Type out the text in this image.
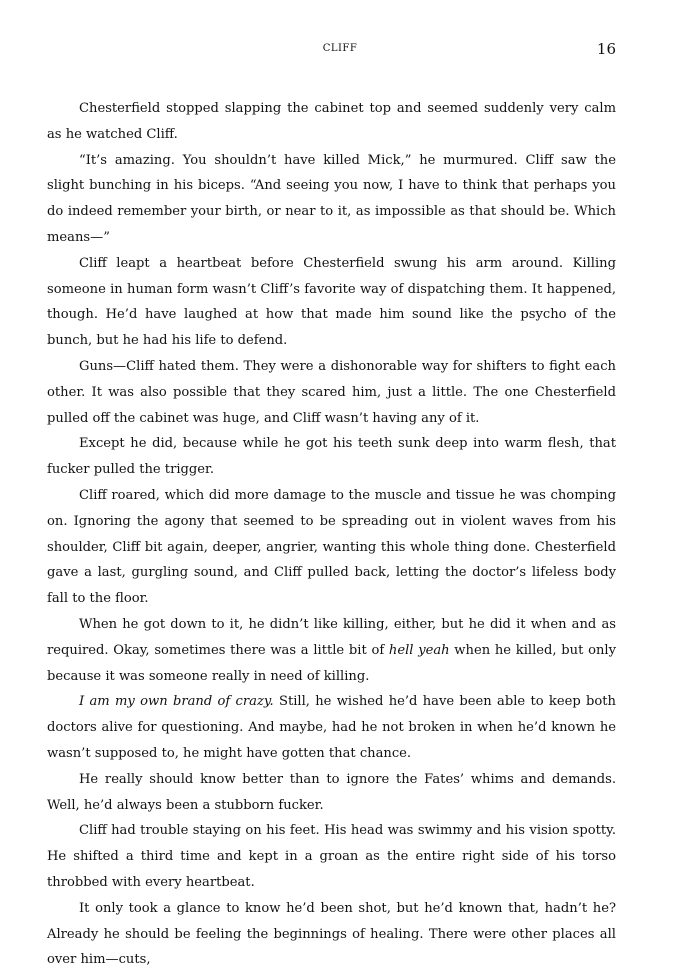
CLIFF	16

Chesterfield stopped slapping the cabinet top and seemed suddenly very calm as he watched Cliff.

“It’s amazing. You shouldn’t have killed Mick,” he murmured. Cliff saw the slight bunching in his biceps. “And seeing you now, I have to think that perhaps you do indeed remember your birth, or near to it, as impossible as that should be. Which means—”

Cliff leapt a heartbeat before Chesterfield swung his arm around. Killing someone in human form wasn’t Cliff’s favorite way of dispatching them. It happened, though. He’d have laughed at how that made him sound like the psycho of the bunch, but he had his life to defend.

Guns—Cliff hated them. They were a dishonorable way for shifters to fight each other. It was also possible that they scared him, just a little. The one Chesterfield pulled off the cabinet was huge, and Cliff wasn’t having any of it.

Except he did, because while he got his teeth sunk deep into warm flesh, that fucker pulled the trigger.

Cliff roared, which did more damage to the muscle and tissue he was chomping on. Ignoring the agony that seemed to be spreading out in violent waves from his shoulder, Cliff bit again, deeper, angrier, wanting this whole thing done. Chesterfield gave a last, gurgling sound, and Cliff pulled back, letting the doctor’s lifeless body fall to the floor.

When he got down to it, he didn’t like killing, either, but he did it when and as required. Okay, sometimes there was a little bit of hell yeah when he killed, but only because it was someone really in need of killing.

I am my own brand of crazy. Still, he wished he’d have been able to keep both doctors alive for questioning. And maybe, had he not broken in when he’d known he wasn’t supposed to, he might have gotten that chance.

He really should know better than to ignore the Fates’ whims and demands. Well, he’d always been a stubborn fucker.

Cliff had trouble staying on his feet. His head was swimmy and his vision spotty. He shifted a third time and kept in a groan as the entire right side of his torso throbbed with every heartbeat.

It only took a glance to know he’d been shot, but he’d known that, hadn’t he? Already he should be feeling the beginnings of healing. There were other places all over him—cuts,
